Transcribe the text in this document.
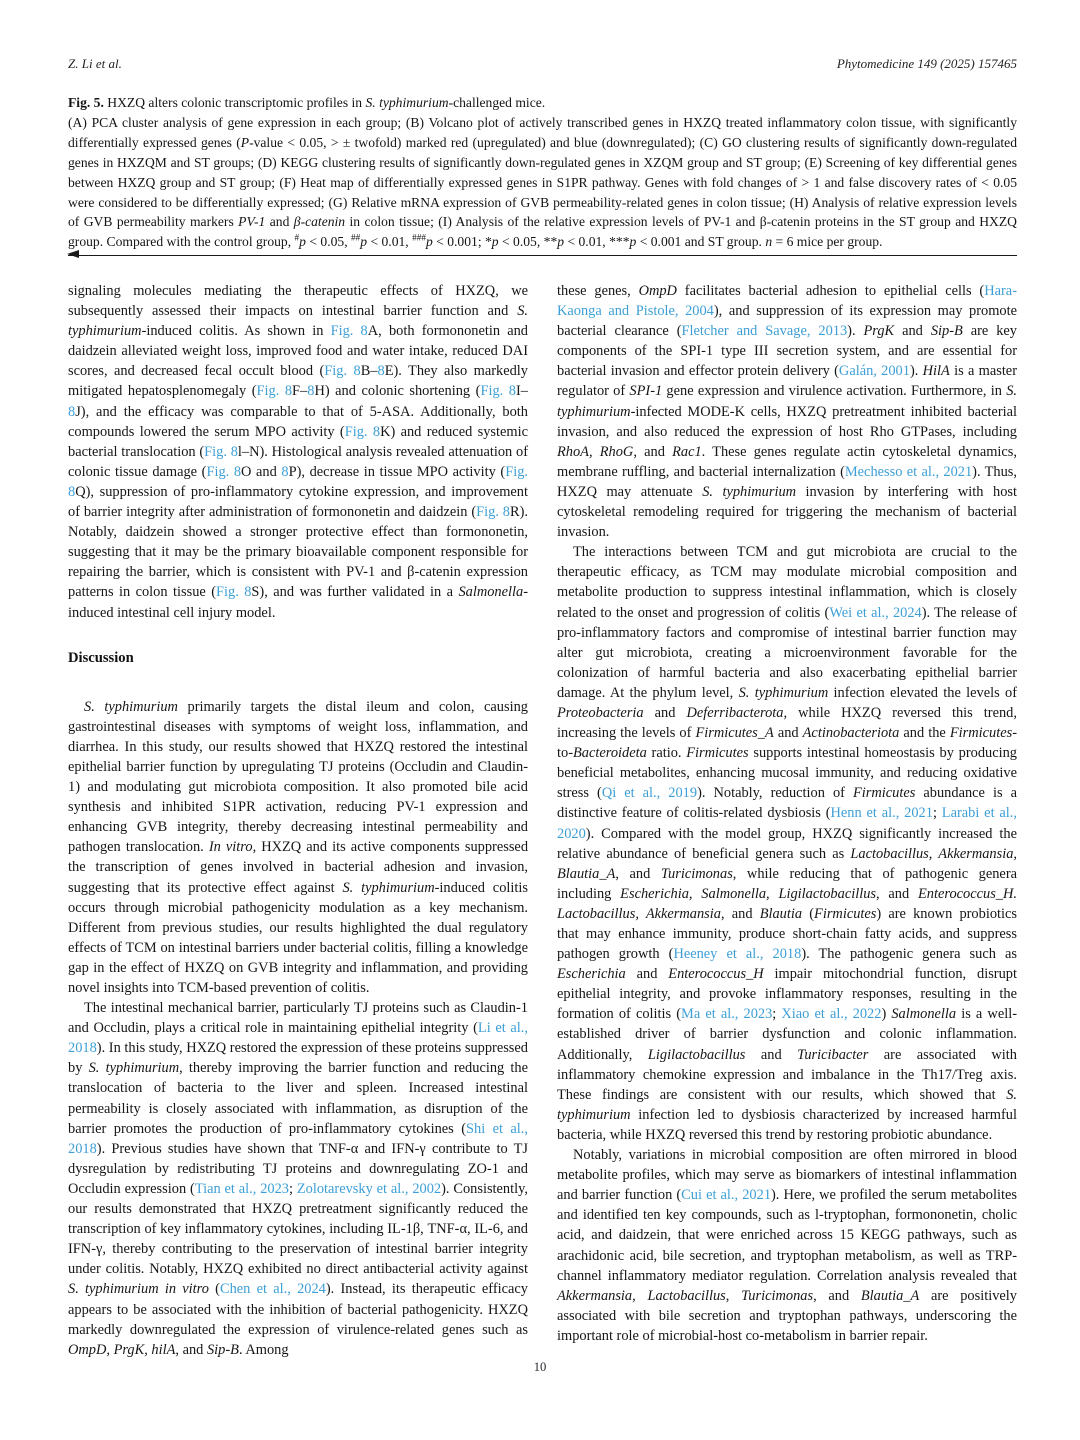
Z. Li et al.	Phytomedicine 149 (2025) 157465
Fig. 5. HXZQ alters colonic transcriptomic profiles in S. typhimurium-challenged mice.
(A) PCA cluster analysis of gene expression in each group; (B) Volcano plot of actively transcribed genes in HXZQ treated inflammatory colon tissue, with significantly differentially expressed genes (P-value < 0.05, > ± twofold) marked red (upregulated) and blue (downregulated); (C) GO clustering results of significantly down-regulated genes in HXZQM and ST groups; (D) KEGG clustering results of significantly down-regulated genes in XZQM group and ST group; (E) Screening of key differential genes between HXZQ group and ST group; (F) Heat map of differentially expressed genes in S1PR pathway. Genes with fold changes of > 1 and false discovery rates of < 0.05 were considered to be differentially expressed; (G) Relative mRNA expression of GVB permeability-related genes in colon tissue; (H) Analysis of relative expression levels of GVB permeability markers PV-1 and β-catenin in colon tissue; (I) Analysis of the relative expression levels of PV-1 and β-catenin proteins in the ST group and HXZQ group. Compared with the control group, #p < 0.05, ##p < 0.01, ###p < 0.001; *p < 0.05, **p < 0.01, ***p < 0.001 and ST group. n = 6 mice per group.

signaling molecules mediating the therapeutic effects of HXZQ, we subsequently assessed their impacts on intestinal barrier function and S. typhimurium-induced colitis. As shown in Fig. 8A, both formononetin and daidzein alleviated weight loss, improved food and water intake, reduced DAI scores, and decreased fecal occult blood (Fig. 8B–8E). They also markedly mitigated hepatosplenomegaly (Fig. 8F–8H) and colonic shortening (Fig. 8I–8J), and the efficacy was comparable to that of 5-ASA. Additionally, both compounds lowered the serum MPO activity (Fig. 8K) and reduced systemic bacterial translocation (Fig. 8l–N). Histological analysis revealed attenuation of colonic tissue damage (Fig. 8O and 8P), decrease in tissue MPO activity (Fig. 8Q), suppression of pro-inflammatory cytokine expression, and improvement of barrier integrity after administration of formononetin and daidzein (Fig. 8R). Notably, daidzein showed a stronger protective effect than formononetin, suggesting that it may be the primary bioavailable component responsible for repairing the barrier, which is consistent with PV-1 and β-catenin expression patterns in colon tissue (Fig. 8S), and was further validated in a Salmonella-induced intestinal cell injury model.

Discussion

S. typhimurium primarily targets the distal ileum and colon, causing gastrointestinal diseases with symptoms of weight loss, inflammation, and diarrhea. In this study, our results showed that HXZQ restored the intestinal epithelial barrier function by upregulating TJ proteins (Occludin and Claudin-1) and modulating gut microbiota composition. It also promoted bile acid synthesis and inhibited S1PR activation, reducing PV-1 expression and enhancing GVB integrity, thereby decreasing intestinal permeability and pathogen translocation. In vitro, HXZQ and its active components suppressed the transcription of genes involved in bacterial adhesion and invasion, suggesting that its protective effect against S. typhimurium-induced colitis occurs through microbial pathogenicity modulation as a key mechanism. Different from previous studies, our results highlighted the dual regulatory effects of TCM on intestinal barriers under bacterial colitis, filling a knowledge gap in the effect of HXZQ on GVB integrity and inflammation, and providing novel insights into TCM-based prevention of colitis.

The intestinal mechanical barrier, particularly TJ proteins such as Claudin-1 and Occludin, plays a critical role in maintaining epithelial integrity (Li et al., 2018). In this study, HXZQ restored the expression of these proteins suppressed by S. typhimurium, thereby improving the barrier function and reducing the translocation of bacteria to the liver and spleen. Increased intestinal permeability is closely associated with inflammation, as disruption of the barrier promotes the production of pro-inflammatory cytokines (Shi et al., 2018). Previous studies have shown that TNF-α and IFN-γ contribute to TJ dysregulation by redistributing TJ proteins and downregulating ZO-1 and Occludin expression (Tian et al., 2023; Zolotarevsky et al., 2002). Consistently, our results demonstrated that HXZQ pretreatment significantly reduced the transcription of key inflammatory cytokines, including IL-1β, TNF-α, IL-6, and IFN-γ, thereby contributing to the preservation of intestinal barrier integrity under colitis. Notably, HXZQ exhibited no direct antibacterial activity against S. typhimurium in vitro (Chen et al., 2024). Instead, its therapeutic efficacy appears to be associated with the inhibition of bacterial pathogenicity. HXZQ markedly downregulated the expression of virulence-related genes such as OmpD, PrgK, hilA, and Sip-B. Among

these genes, OmpD facilitates bacterial adhesion to epithelial cells (Hara-Kaonga and Pistole, 2004), and suppression of its expression may promote bacterial clearance (Fletcher and Savage, 2013). PrgK and Sip-B are key components of the SPI-1 type III secretion system, and are essential for bacterial invasion and effector protein delivery (Galán, 2001). HilA is a master regulator of SPI-1 gene expression and virulence activation. Furthermore, in S. typhimurium-infected MODE-K cells, HXZQ pretreatment inhibited bacterial invasion, and also reduced the expression of host Rho GTPases, including RhoA, RhoG, and Rac1. These genes regulate actin cytoskeletal dynamics, membrane ruffling, and bacterial internalization (Mechesso et al., 2021). Thus, HXZQ may attenuate S. typhimurium invasion by interfering with host cytoskeletal remodeling required for triggering the mechanism of bacterial invasion.

The interactions between TCM and gut microbiota are crucial to the therapeutic efficacy, as TCM may modulate microbial composition and metabolite production to suppress intestinal inflammation, which is closely related to the onset and progression of colitis (Wei et al., 2024). The release of pro-inflammatory factors and compromise of intestinal barrier function may alter gut microbiota, creating a microenvironment favorable for the colonization of harmful bacteria and also exacerbating epithelial barrier damage. At the phylum level, S. typhimurium infection elevated the levels of Proteobacteria and Deferribacterota, while HXZQ reversed this trend, increasing the levels of Firmicutes_A and Actinobacteriota and the Firmicutes-to-Bacteroideta ratio. Firmicutes supports intestinal homeostasis by producing beneficial metabolites, enhancing mucosal immunity, and reducing oxidative stress (Qi et al., 2019). Notably, reduction of Firmicutes abundance is a distinctive feature of colitis-related dysbiosis (Henn et al., 2021; Larabi et al., 2020). Compared with the model group, HXZQ significantly increased the relative abundance of beneficial genera such as Lactobacillus, Akkermansia, Blautia_A, and Turicimonas, while reducing that of pathogenic genera including Escherichia, Salmonella, Ligilactobacillus, and Enterococcus_H. Lactobacillus, Akkermansia, and Blautia (Firmicutes) are known probiotics that may enhance immunity, produce short-chain fatty acids, and suppress pathogen growth (Heeney et al., 2018). The pathogenic genera such as Escherichia and Enterococcus_H impair mitochondrial function, disrupt epithelial integrity, and provoke inflammatory responses, resulting in the formation of colitis (Ma et al., 2023; Xiao et al., 2022) Salmonella is a well-established driver of barrier dysfunction and colonic inflammation. Additionally, Ligilactobacillus and Turicibacter are associated with inflammatory chemokine expression and imbalance in the Th17/Treg axis. These findings are consistent with our results, which showed that S. typhimurium infection led to dysbiosis characterized by increased harmful bacteria, while HXZQ reversed this trend by restoring probiotic abundance.

Notably, variations in microbial composition are often mirrored in blood metabolite profiles, which may serve as biomarkers of intestinal inflammation and barrier function (Cui et al., 2021). Here, we profiled the serum metabolites and identified ten key compounds, such as l-tryptophan, formononetin, cholic acid, and daidzein, that were enriched across 15 KEGG pathways, such as arachidonic acid, bile secretion, and tryptophan metabolism, as well as TRP-channel inflammatory mediator regulation. Correlation analysis revealed that Akkermansia, Lactobacillus, Turicimonas, and Blautia_A are positively associated with bile secretion and tryptophan pathways, underscoring the important role of microbial-host co-metabolism in barrier repair.

10
